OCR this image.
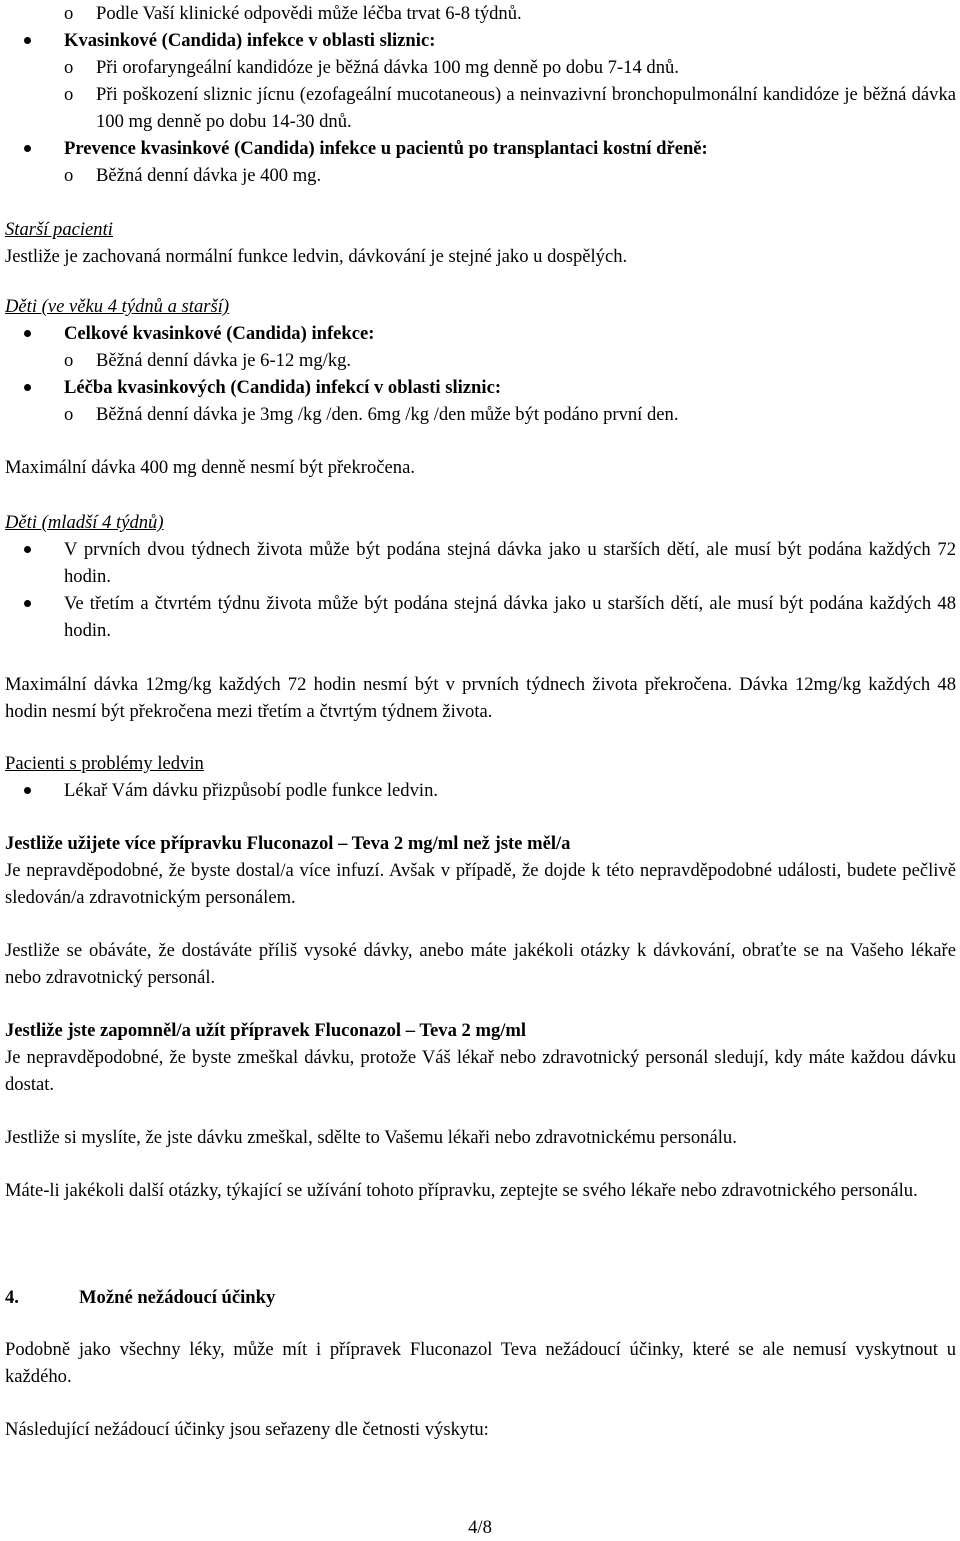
o Podle Vaší klinické odpovědi může léčba trvat 6-8 týdnů.
Kvasinkové (Candida) infekce v oblasti sliznic:
o Při orofaryngeální kandidóze je běžná dávka 100 mg denně po dobu 7-14 dnů.
o Při poškození sliznic jícnu (ezofageální mucotaneous) a neinvazivní bronchopulmonální kandidóze je běžná dávka 100 mg denně po dobu 14-30 dnů.
Prevence kvasinkové (Candida) infekce u pacientů po transplantaci kostní dřeně:
o Běžná denní dávka je 400 mg.

Starší pacienti

Jestliže je zachovaná normální funkce ledvin, dávkování je stejné jako u dospělých.

Děti (ve věku 4 týdnů a starší)

Celkové kvasinkové (Candida) infekce:
o Běžná denní dávka je 6-12 mg/kg.
Léčba kvasinkových (Candida) infekcí v oblasti sliznic:
o Běžná denní dávka je 3mg /kg /den. 6mg /kg /den může být podáno první den.

Maximální dávka 400 mg denně nesmí být překročena.

Děti (mladší 4 týdnů)

V prvních dvou týdnech života může být podána stejná dávka jako u starších dětí, ale musí být podána každých 72 hodin.
Ve třetím a čtvrtém týdnu života může být podána stejná dávka jako u starších dětí, ale musí být podána každých 48 hodin.

Maximální dávka 12mg/kg každých 72 hodin nesmí být v prvních týdnech života překročena. Dávka 12mg/kg každých 48 hodin nesmí být překročena mezi třetím a čtvrtým týdnem života.

Pacienti s problémy ledvin

Lékař Vám dávku přizpůsobí podle funkce ledvin.

Jestliže užijete více přípravku Fluconazol – Teva 2 mg/ml než jste měl/a

Je nepravděpodobné, že byste dostal/a více infuzí. Avšak v případě, že dojde k této nepravděpodobné události, budete pečlivě sledován/a zdravotnickým personálem.

Jestliže se obáváte, že dostáváte příliš vysoké dávky, anebo máte jakékoli otázky k dávkování, obraťte se na Vašeho lékaře nebo zdravotnický personál.

Jestliže jste zapomněl/a užít přípravek Fluconazol – Teva 2 mg/ml

Je nepravděpodobné, že byste zmeškal dávku, protože Váš lékař nebo zdravotnický personál sledují, kdy máte každou dávku dostat.

Jestliže si myslíte, že jste dávku zmeškal, sdělte to Vašemu lékaři nebo zdravotnickému personálu.

Máte-li jakékoli další otázky, týkající se užívání tohoto přípravku, zeptejte se svého lékaře nebo zdravotnického personálu.

4.	Možné nežádoucí účinky

Podobně jako všechny léky, může mít i přípravek Fluconazol Teva nežádoucí účinky, které se ale nemusí vyskytnout u každého.

Následující nežádoucí účinky jsou seřazeny dle četnosti výskytu:

4/8
